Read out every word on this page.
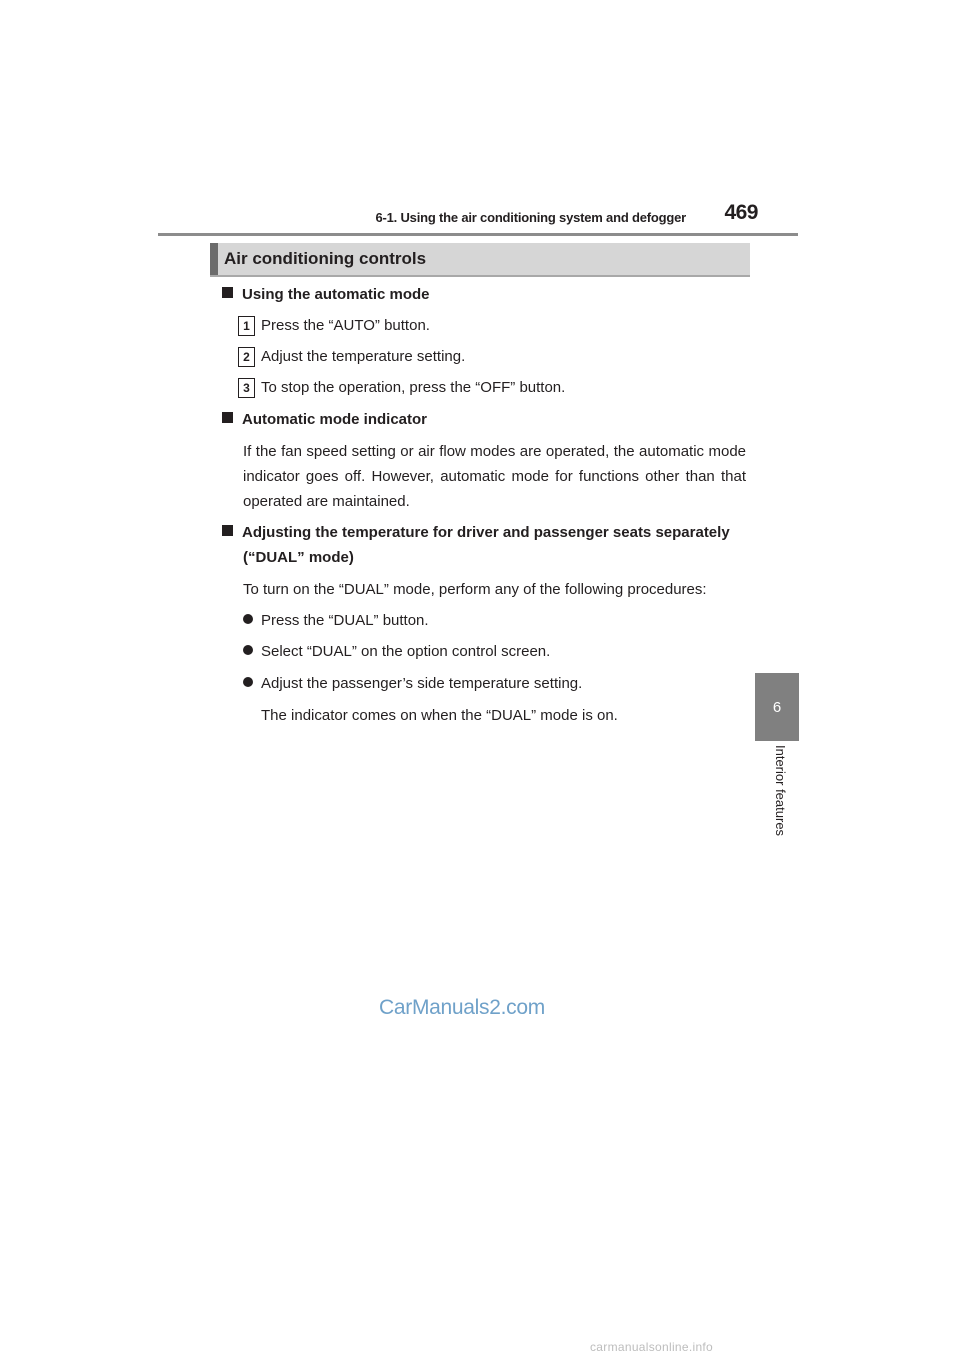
6-1. Using the air conditioning system and defogger 469
6
Interior features
Air conditioning controls
Using the automatic mode
1 Press the “AUTO” button.
2 Adjust the temperature setting.
3 To stop the operation, press the “OFF” button.
Automatic mode indicator
If the fan speed setting or air flow modes are operated, the automatic mode indicator goes off. However, automatic mode for functions other than that operated are maintained.
Adjusting the temperature for driver and passenger seats separately
(“DUAL” mode)
To turn on the “DUAL” mode, perform any of the following procedures:
Press the “DUAL” button.
Select “DUAL” on the option control screen.
Adjust the passenger’s side temperature setting.
The indicator comes on when the “DUAL” mode is on.
CarManuals2.com
carmanualsonline.info
